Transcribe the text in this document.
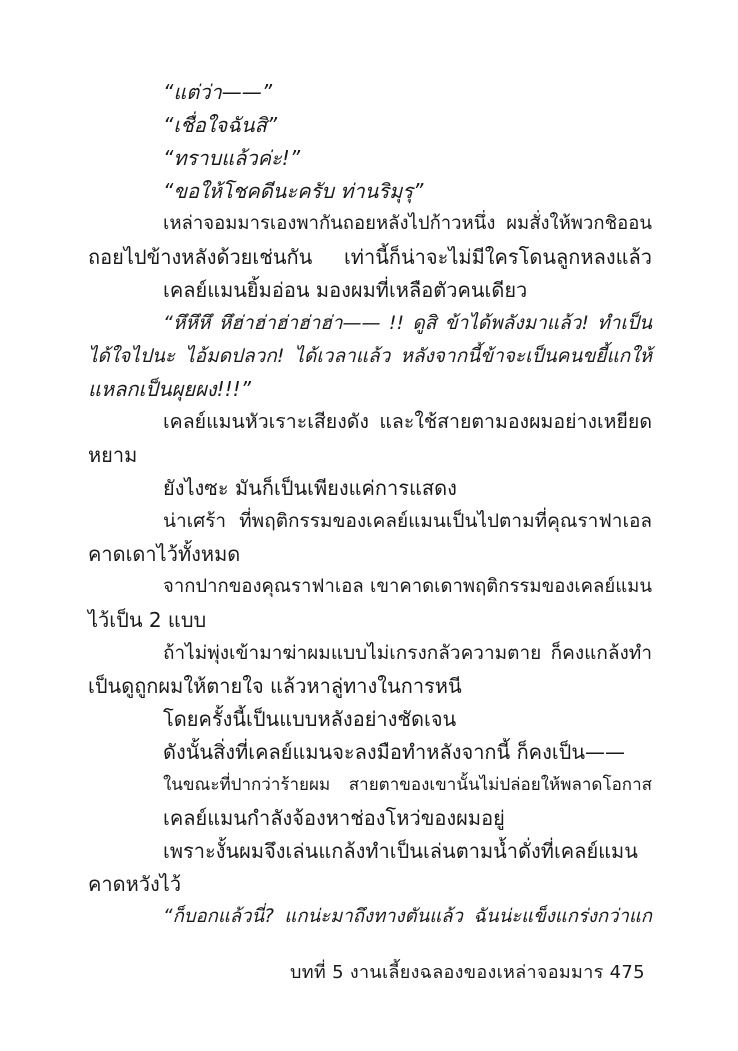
“แต่ว่า——”
“เชื่อใจฉันสิ”
“ทราบแล้วค่ะ!”
“ขอให้โชคดีนะครับ ท่านริมุรุ”
เหล่าจอมมารเองพากันถอยหลังไปก้าวหนึ่ง ผมสั่งให้พวกชิออน
ถอยไปข้างหลังด้วยเช่นกัน เท่านี้ก็น่าจะไม่มีใครโดนลูกหลงแล้ว
เคลย์แมนยิ้มอ่อน มองผมที่เหลือตัวคนเดียว
“หึหึหึ หึฮ่าฮ่าฮ่าฮ่าฮ่า—— !! ดูสิ ข้าได้พลังมาแล้ว! ทำเป็น
ได้ใจไปนะ ไอ้มดปลวก! ได้เวลาแล้ว หลังจากนี้ข้าจะเป็นคนขยี้แกให้
แหลกเป็นผุยผง!!!”
เคลย์แมนหัวเราะเสียงดัง และใช้สายตามองผมอย่างเหยียด
หยาม
ยังไงซะ มันก็เป็นเพียงแค่การแสดง
น่าเศร้า ที่พฤติกรรมของเคลย์แมนเป็นไปตามที่คุณราฟาเอล
คาดเดาไว้ทั้งหมด
จากปากของคุณราฟาเอล เขาคาดเดาพฤติกรรมของเคลย์แมน
ไว้เป็น 2 แบบ
ถ้าไม่พุ่งเข้ามาฆ่าผมแบบไม่เกรงกลัวความตาย ก็คงแกล้งทำ
เป็นดูถูกผมให้ตายใจ แล้วหาลู่ทางในการหนี
โดยครั้งนี้เป็นแบบหลังอย่างชัดเจน
ดังนั้นสิ่งที่เคลย์แมนจะลงมือทำหลังจากนี้ ก็คงเป็น——
ในขณะที่ปากว่าร้ายผม สายตาของเขานั้นไม่ปล่อยให้พลาดโอกาส
เคลย์แมนกำลังจ้องหาช่องโหว่ของผมอยู่
เพราะงั้นผมจึงเล่นแกล้งทำเป็นเล่นตามน้ำดั่งที่เคลย์แมน
คาดหวังไว้
“ก็บอกแล้วนี่? แกน่ะมาถึงทางตันแล้ว ฉันน่ะแข็งแกร่งกว่าแก
บทที่ 5 งานเลี้ยงฉลองของเหล่าจอมมาร 475
